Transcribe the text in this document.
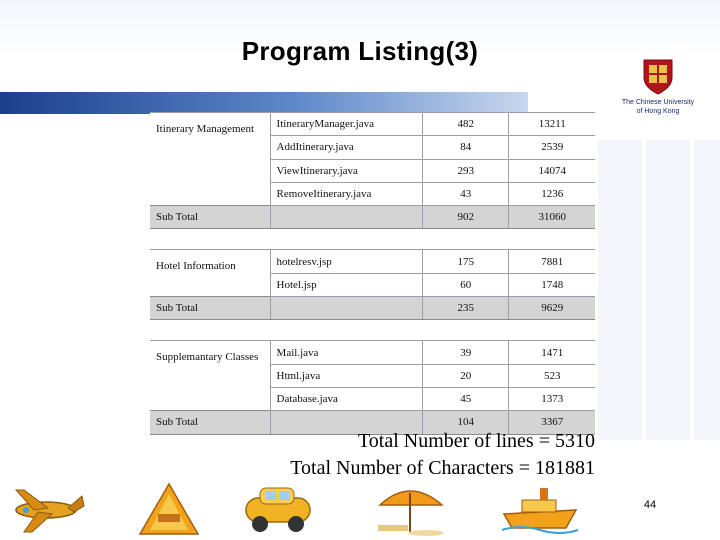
Program Listing(3)
The Chinese University
of Hong Kong
Itinerary Management	ItineraryManager.java	482	13211
	AddItinerary.java	84	2539
	ViewItinerary.java	293	14074
	RemoveItinerary.java	43	1236
Sub Total		902	31060

Hotel Information	hotelresv.jsp	175	7881
	Hotel.jsp	60	1748
Sub Total		235	9629

Supplemantary Classes	Mail.java	39	1471
	Html.java	20	523
	Database.java	45	1373
Sub Total		104	3367
Total Number of lines = 5310
Total Number of Characters = 181881
44
